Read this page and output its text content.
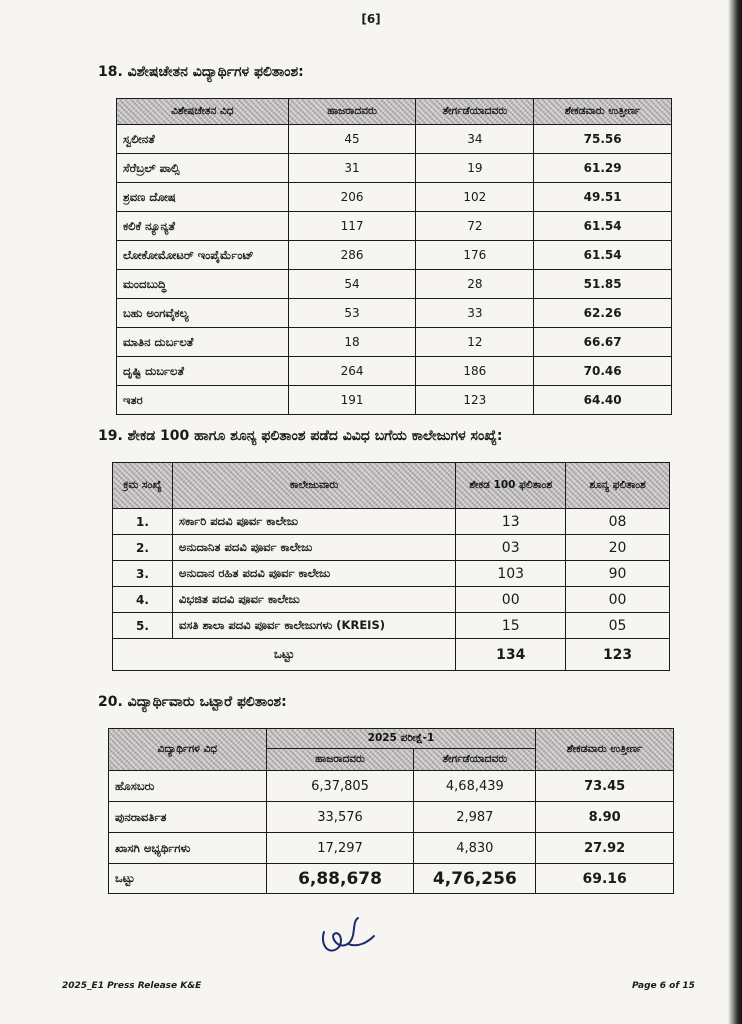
[6]
18. ವಿಶೇಷಚೇತನ ವಿದ್ಯಾರ್ಥಿಗಳ ಫಲಿತಾಂಶ:
ವಿಶೇಷಚೇತನ ವಿಧ	ಹಾಜರಾದವರು	ತೇರ್ಗಡೆಯಾದವರು	ಶೇಕಡವಾರು ಉತ್ತೀರ್ಣ
ಸ್ವಲೀನತೆ	45	34	75.56
ಸೆರೆಬ್ರಲ್ ಪಾಲ್ಸಿ	31	19	61.29
ಶ್ರವಣ ದೋಷ	206	102	49.51
ಕಲಿಕೆ ನ್ಯೂನ್ಯತೆ	117	72	61.54
ಲೋಕೋಮೋಟರ್ ಇಂಪೈರ್ಮೆಂಟ್	286	176	61.54
ಮಂದಬುದ್ಧಿ	54	28	51.85
ಬಹು ಅಂಗವೈಕಲ್ಯ	53	33	62.26
ಮಾತಿನ ದುರ್ಬಲತೆ	18	12	66.67
ದೃಷ್ಟಿ ದುರ್ಬಲತೆ	264	186	70.46
ಇತರ	191	123	64.40
19. ಶೇಕಡ 100 ಹಾಗೂ ಶೂನ್ಯ ಫಲಿತಾಂಶ ಪಡೆದ ವಿವಿಧ ಬಗೆಯ ಕಾಲೇಜುಗಳ ಸಂಖ್ಯೆ:
ಕ್ರಮ ಸಂಖ್ಯೆ	ಕಾಲೇಜುವಾರು	ಶೇಕಡ 100 ಫಲಿತಾಂಶ	ಶೂನ್ಯ ಫಲಿತಾಂಶ
1.	ಸರ್ಕಾರಿ ಪದವಿ ಪೂರ್ವ ಕಾಲೇಜು	13	08
2.	ಅನುದಾನಿತ ಪದವಿ ಪೂರ್ವ ಕಾಲೇಜು	03	20
3.	ಅನುದಾನ ರಹಿತ ಪದವಿ ಪೂರ್ವ ಕಾಲೇಜು	103	90
4.	ವಿಭಜಿತ ಪದವಿ ಪೂರ್ವ ಕಾಲೇಜು	00	00
5.	ವಸತಿ ಶಾಲಾ ಪದವಿ ಪೂರ್ವ ಕಾಲೇಜುಗಳು (KREIS)	15	05
ಒಟ್ಟು		134	123
20. ವಿದ್ಯಾರ್ಥಿವಾರು ಒಟ್ಟಾರೆ ಫಲಿತಾಂಶ:
ವಿದ್ಯಾರ್ಥಿಗಳ ವಿಧ	2025 ಪರೀಕ್ಷೆ-1		ಶೇಕಡವಾರು ಉತ್ತೀರ್ಣ
	ಹಾಜರಾದವರು	ತೇರ್ಗಡೆಯಾದವರು	
ಹೊಸಬರು	6,37,805	4,68,439	73.45
ಪುನರಾವರ್ತಿತ	33,576	2,987	8.90
ಖಾಸಗಿ ಅಭ್ಯರ್ಥಿಗಳು	17,297	4,830	27.92
ಒಟ್ಟು	6,88,678	4,76,256	69.16
2025_E1 Press Release K&E	Page 6 of 15
